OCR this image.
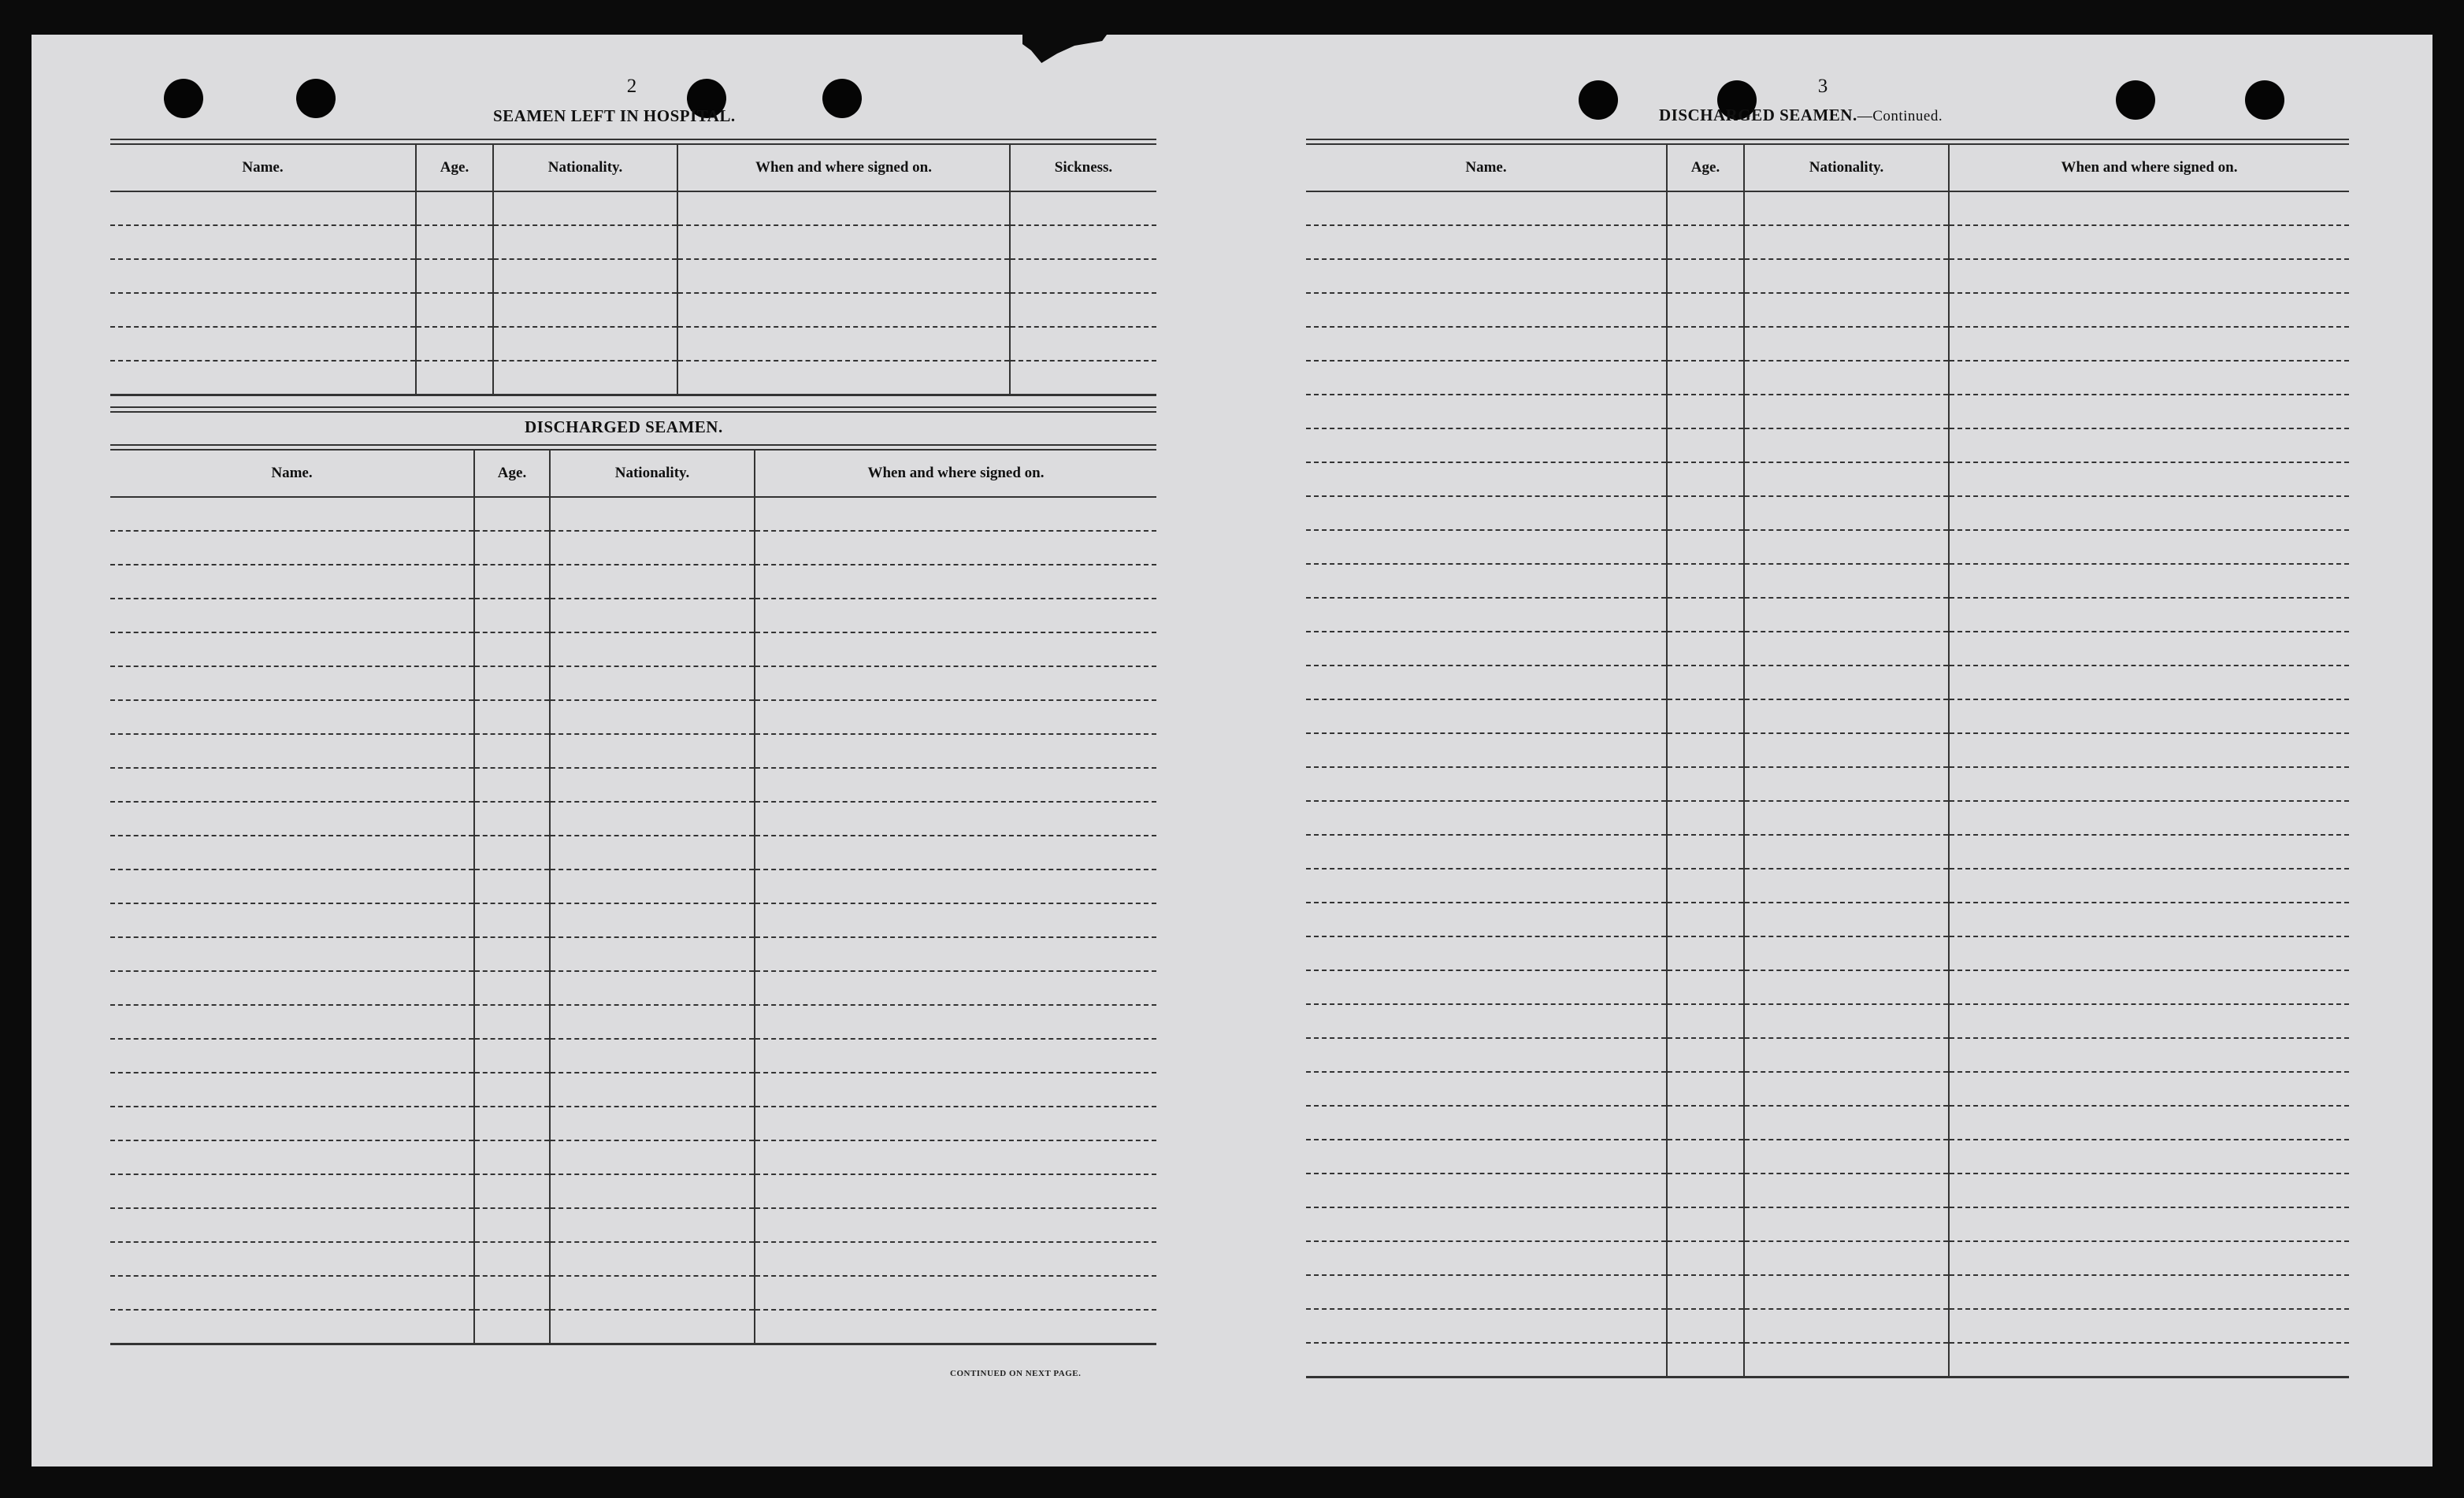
2
SEAMEN LEFT IN HOSPITAL.
Name.	Age.	Nationality.	When and where signed on.	Sickness.

DISCHARGED SEAMEN.
Name.	Age.	Nationality.	When and where signed on.

CONTINUED ON NEXT PAGE.
3
DISCHARGED SEAMEN.—Continued.
Name.	Age.	Nationality.	When and where signed on.
